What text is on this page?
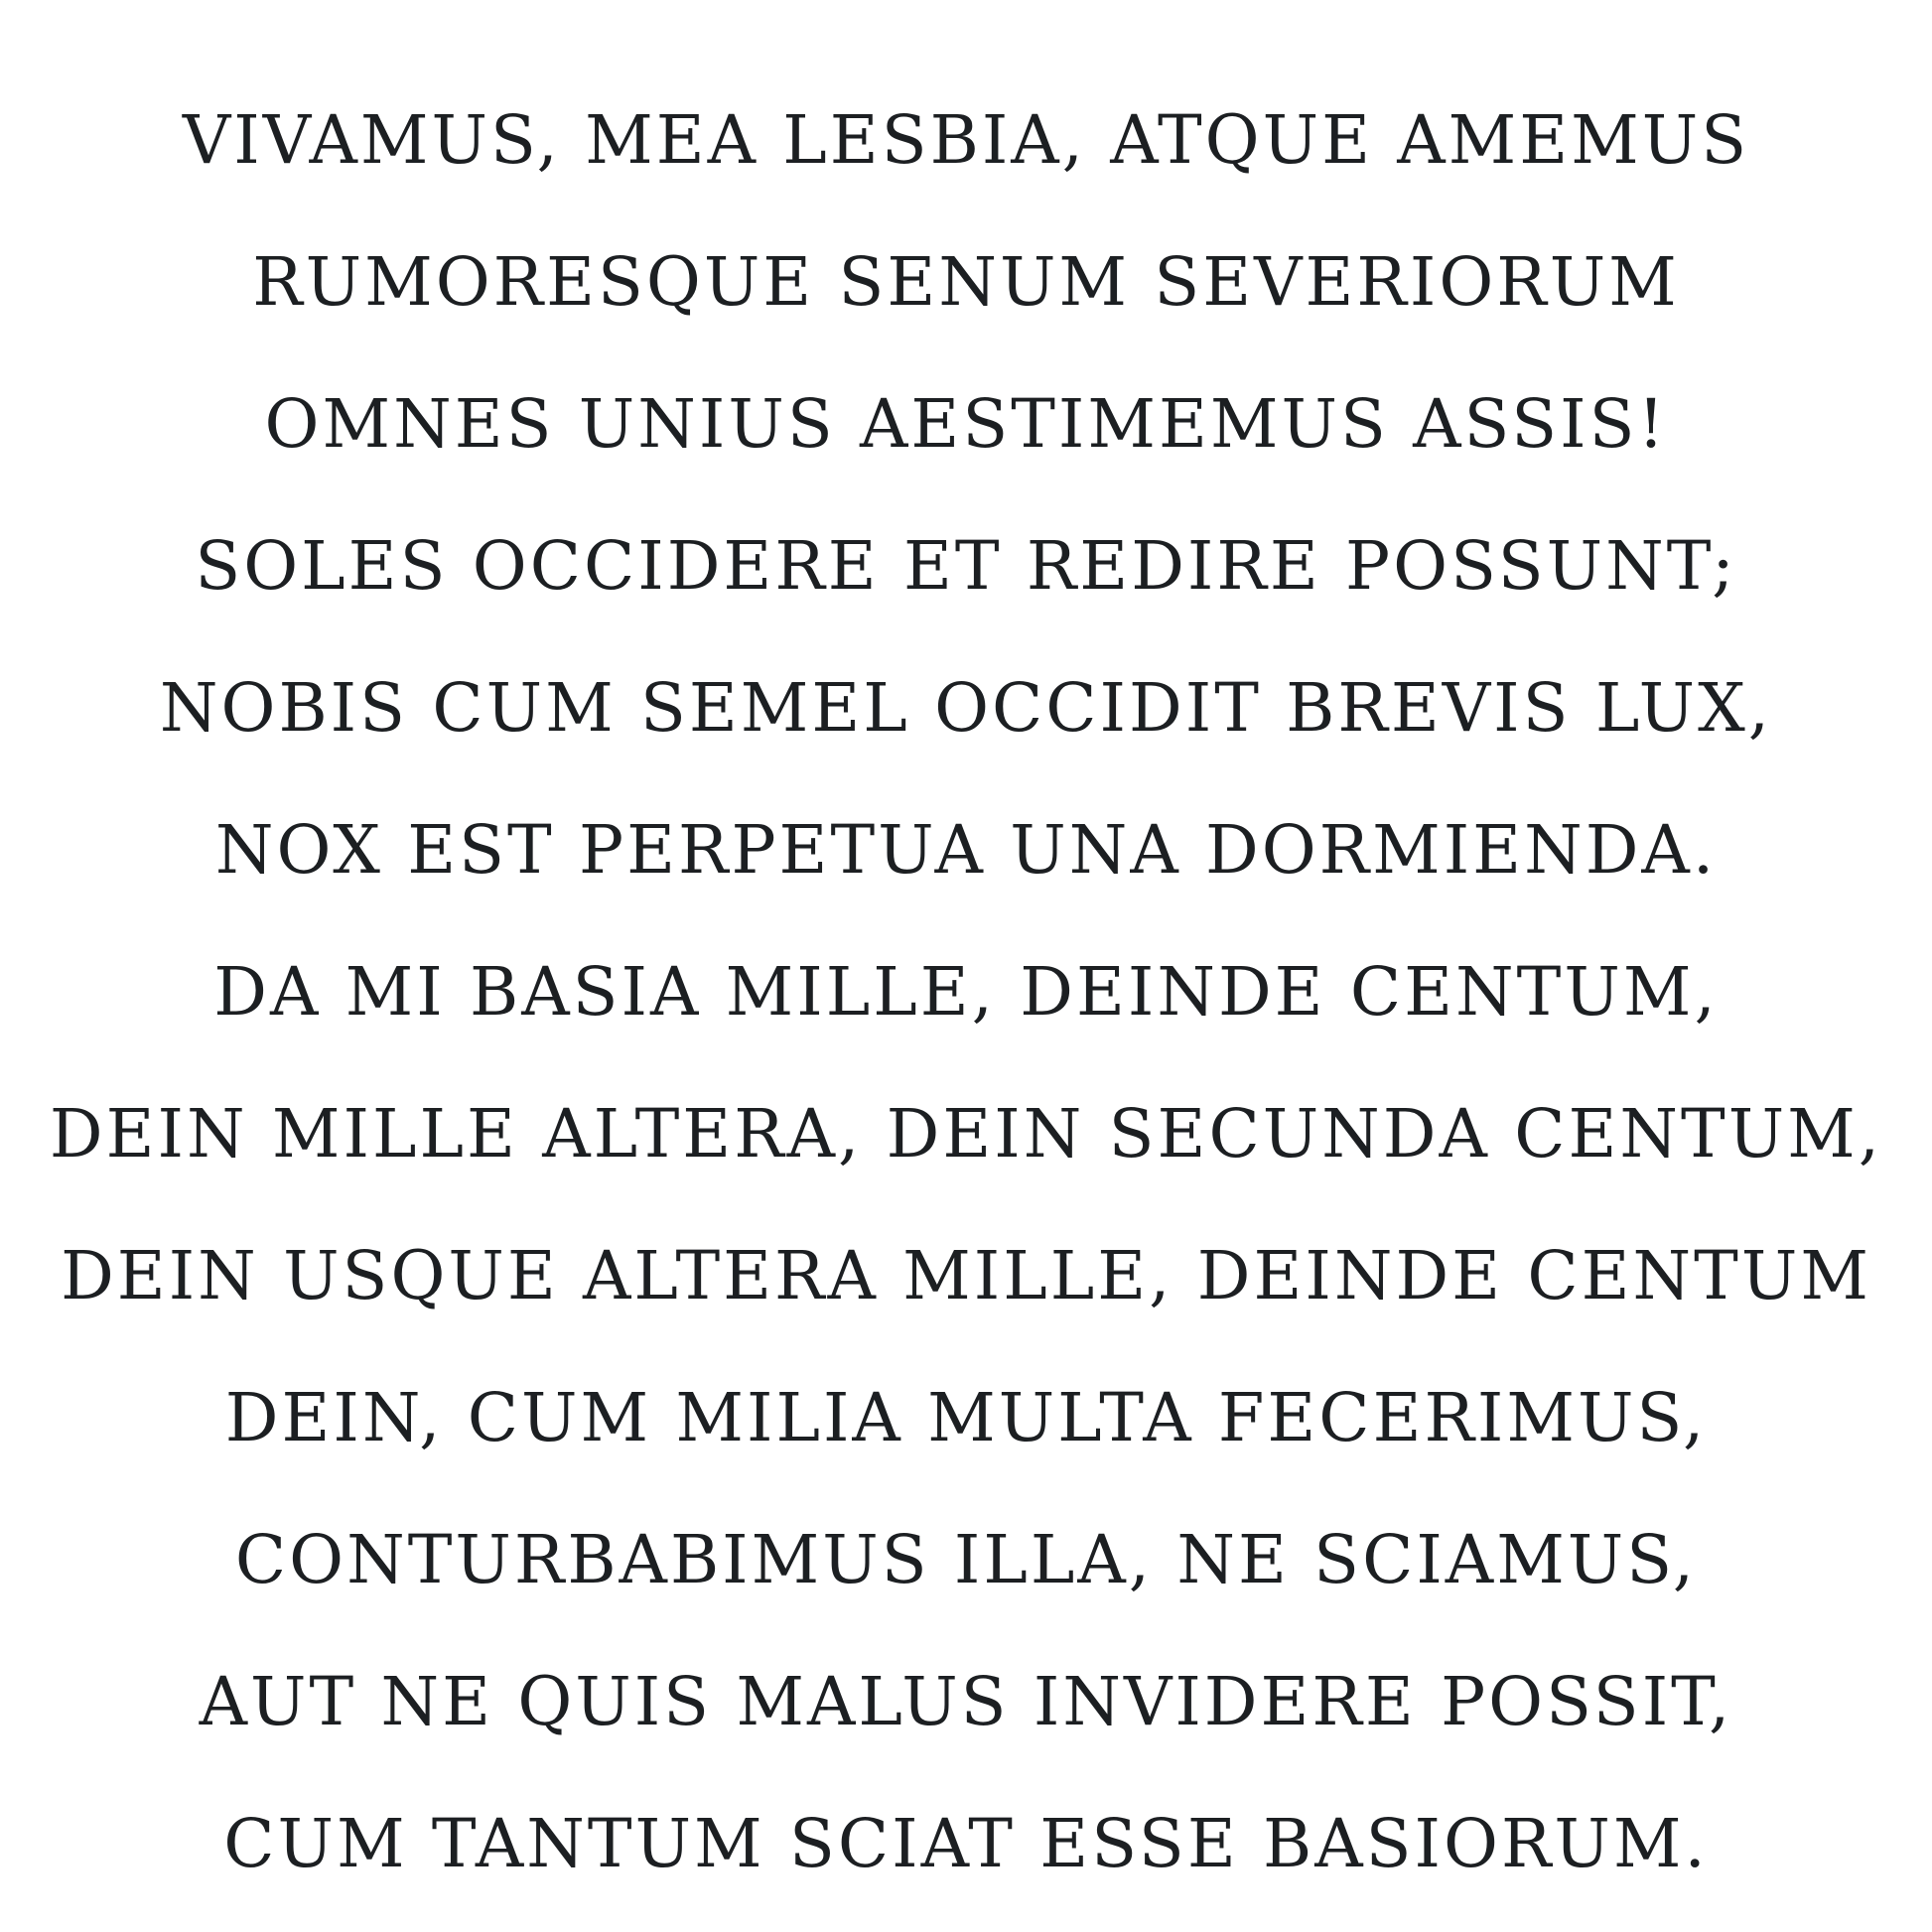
VIVAMUS, MEA LESBIA, ATQUE AMEMUS
RUMORESQUE SENUM SEVERIORUM
OMNES UNIUS AESTIMEMUS ASSIS!
SOLES OCCIDERE ET REDIRE POSSUNT;
NOBIS CUM SEMEL OCCIDIT BREVIS LUX,
NOX EST PERPETUA UNA DORMIENDA.
DA MI BASIA MILLE, DEINDE CENTUM,
DEIN MILLE ALTERA, DEIN SECUNDA CENTUM,
DEIN USQUE ALTERA MILLE, DEINDE CENTUM
DEIN, CUM MILIA MULTA FECERIMUS,
CONTURBABIMUS ILLA, NE SCIAMUS,
AUT NE QUIS MALUS INVIDERE POSSIT,
CUM TANTUM SCIAT ESSE BASIORUM.
